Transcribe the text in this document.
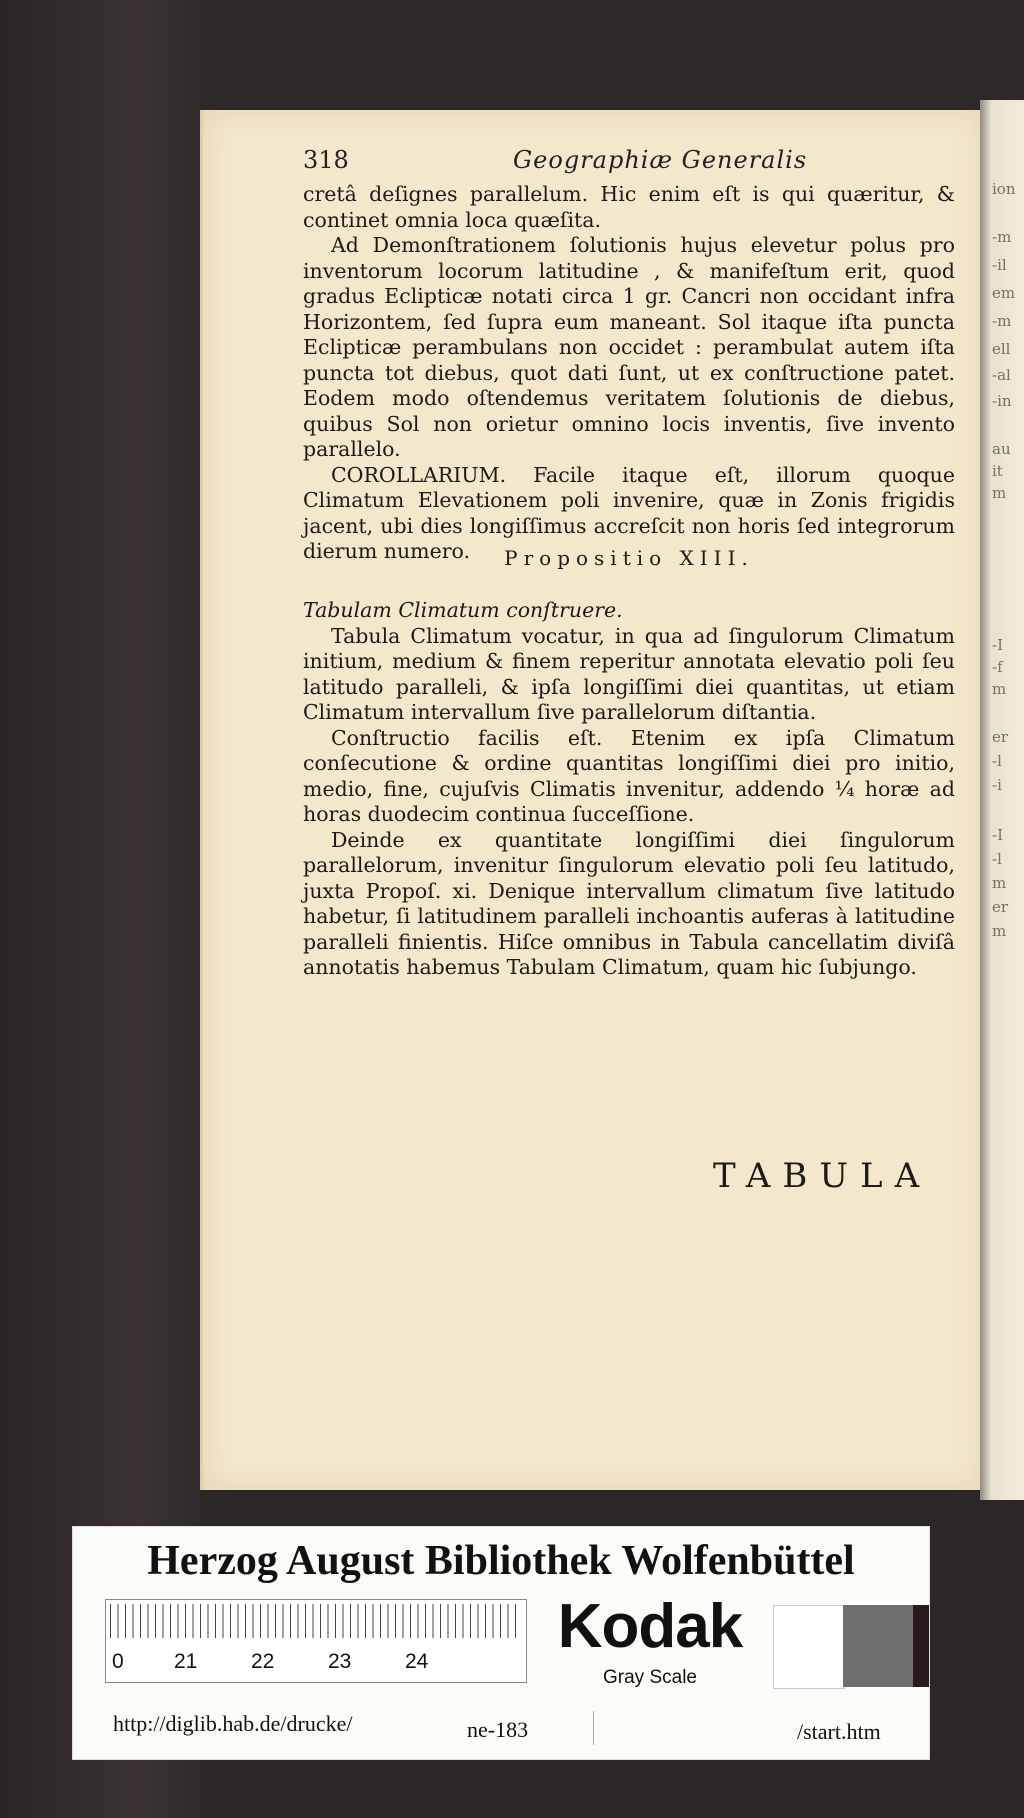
318	Geographiæ Generalis

cretâ deſignes parallelum. Hic enim eſt is qui quæritur, & continet omnia loca quæſita.

Ad Demonſtrationem ſolutionis hujus elevetur polus pro inventorum locorum latitudine , & manifeſtum erit, quod gradus Eclipticæ notati circa 1 gr. Cancri non occidant infra Horizontem, ſed ſupra eum maneant. Sol itaque iſta puncta Eclipticæ perambulans non occidet : perambulat autem iſta puncta tot diebus, quot dati ſunt, ut ex conſtructione patet. Eodem modo oſtendemus veritatem ſolutionis de diebus, quibus Sol non orietur omnino locis inventis, ſive invento parallelo.

COROLLARIUM. Facile itaque eſt, illorum quoque Climatum Elevationem poli invenire, quæ in Zonis frigidis jacent, ubi dies longiſſimus accreſcit non horis ſed integrorum dierum numero.	Propositio XIII.

Tabulam Climatum conſtruere.

Tabula Climatum vocatur, in qua ad ſingulorum Climatum initium, medium & finem reperitur annotata elevatio poli ſeu latitudo paralleli, & ipſa longiſſimi diei quantitas, ut etiam Climatum intervallum ſive parallelorum diſtantia.

Conſtructio facilis eſt. Etenim ex ipſa Climatum conſecutione & ordine quantitas longiſſimi diei pro initio, medio, fine, cujuſvis Climatis invenitur, addendo ¼ horæ ad horas duodecim continua ſucceſſione.

Deinde ex quantitate longiſſimi diei ſingulorum parallelorum, invenitur ſingulorum elevatio poli ſeu latitudo, juxta Propoſ. xi. Denique intervallum climatum ſive latitudo habetur, ſi latitudinem paralleli inchoantis auferas à latitudine paralleli finientis. Hiſce omnibus in Tabula cancellatim diviſâ annotatis habemus Tabulam Climatum, quam hic ſubjungo.

TABULA
ion
-m
-il
em
-m
ell
-al
-in
au
it
m
-I
-f
m
er
-l
-i
-I
-l
m
er
m
Herzog August Bibliothek Wolfenbüttel
0 21	22	23	24
Kodak
Gray Scale
http://diglib.hab.de/drucke/	ne-183	/start.htm
